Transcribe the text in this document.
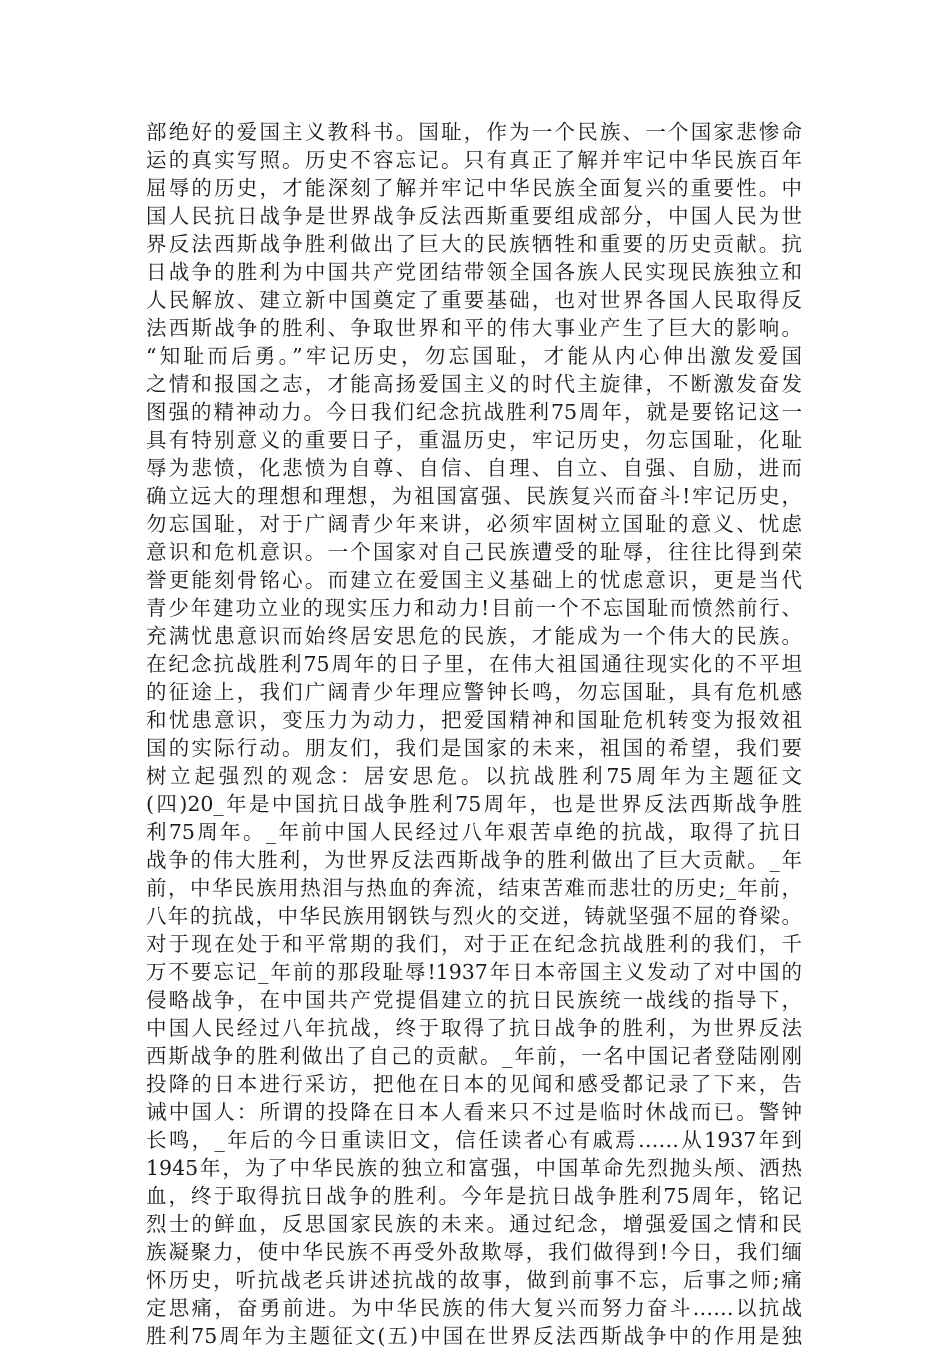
部绝好的爱国主义教科书。国耻，作为一个民族、一个国家悲惨命
运的真实写照。历史不容忘记。只有真正了解并牢记中华民族百年
屈辱的历史，才能深刻了解并牢记中华民族全面复兴的重要性。中
国人民抗日战争是世界战争反法西斯重要组成部分，中国人民为世
界反法西斯战争胜利做出了巨大的民族牺牲和重要的历史贡献。抗
日战争的胜利为中国共产党团结带领全国各族人民实现民族独立和
人民解放、建立新中国奠定了重要基础，也对世界各国人民取得反
法西斯战争的胜利、争取世界和平的伟大事业产生了巨大的影响。
“知耻而后勇。”牢记历史，勿忘国耻，才能从内心伸出激发爱国
之情和报国之志，才能高扬爱国主义的时代主旋律，不断激发奋发
图强的精神动力。今日我们纪念抗战胜利75周年，就是要铭记这一
具有特别意义的重要日子，重温历史，牢记历史，勿忘国耻，化耻
辱为悲愤，化悲愤为自尊、自信、自理、自立、自强、自励，进而
确立远大的理想和理想，为祖国富强、民族复兴而奋斗!牢记历史，
勿忘国耻，对于广阔青少年来讲，必须牢固树立国耻的意义、忧虑
意识和危机意识。一个国家对自己民族遭受的耻辱，往往比得到荣
誉更能刻骨铭心。而建立在爱国主义基础上的忧虑意识，更是当代
青少年建功立业的现实压力和动力!目前一个不忘国耻而愤然前行、
充满忧患意识而始终居安思危的民族，才能成为一个伟大的民族。
在纪念抗战胜利75周年的日子里，在伟大祖国通往现实化的不平坦
的征途上，我们广阔青少年理应警钟长鸣，勿忘国耻，具有危机感
和忧患意识，变压力为动力，把爱国精神和国耻危机转变为报效祖
国的实际行动。朋友们，我们是国家的未来，祖国的希望，我们要
树立起强烈的观念：居安思危。以抗战胜利75周年为主题征文
(四)20_年是中国抗日战争胜利75周年，也是世界反法西斯战争胜
利75周年。_年前中国人民经过八年艰苦卓绝的抗战，取得了抗日
战争的伟大胜利，为世界反法西斯战争的胜利做出了巨大贡献。_年
前，中华民族用热泪与热血的奔流，结束苦难而悲壮的历史;_年前，
八年的抗战，中华民族用钢铁与烈火的交迸，铸就坚强不屈的脊梁。
对于现在处于和平常期的我们，对于正在纪念抗战胜利的我们，千
万不要忘记_年前的那段耻辱!1937年日本帝国主义发动了对中国的
侵略战争，在中国共产党提倡建立的抗日民族统一战线的指导下，
中国人民经过八年抗战，终于取得了抗日战争的胜利，为世界反法
西斯战争的胜利做出了自己的贡献。_年前，一名中国记者登陆刚刚
投降的日本进行采访，把他在日本的见闻和感受都记录了下来，告
诫中国人：所谓的投降在日本人看来只不过是临时休战而已。警钟
长鸣，_年后的今日重读旧文，信任读者心有戚焉……从1937年到
1945年，为了中华民族的独立和富强，中国革命先烈抛头颅、洒热
血，终于取得抗日战争的胜利。今年是抗日战争胜利75周年，铭记
烈士的鲜血，反思国家民族的未来。通过纪念，增强爱国之情和民
族凝聚力，使中华民族不再受外敌欺辱，我们做得到!今日，我们缅
怀历史，听抗战老兵讲述抗战的故事，做到前事不忘，后事之师;痛
定思痛，奋勇前进。为中华民族的伟大复兴而努力奋斗……以抗战
胜利75周年为主题征文(五)中国在世界反法西斯战争中的作用是独
